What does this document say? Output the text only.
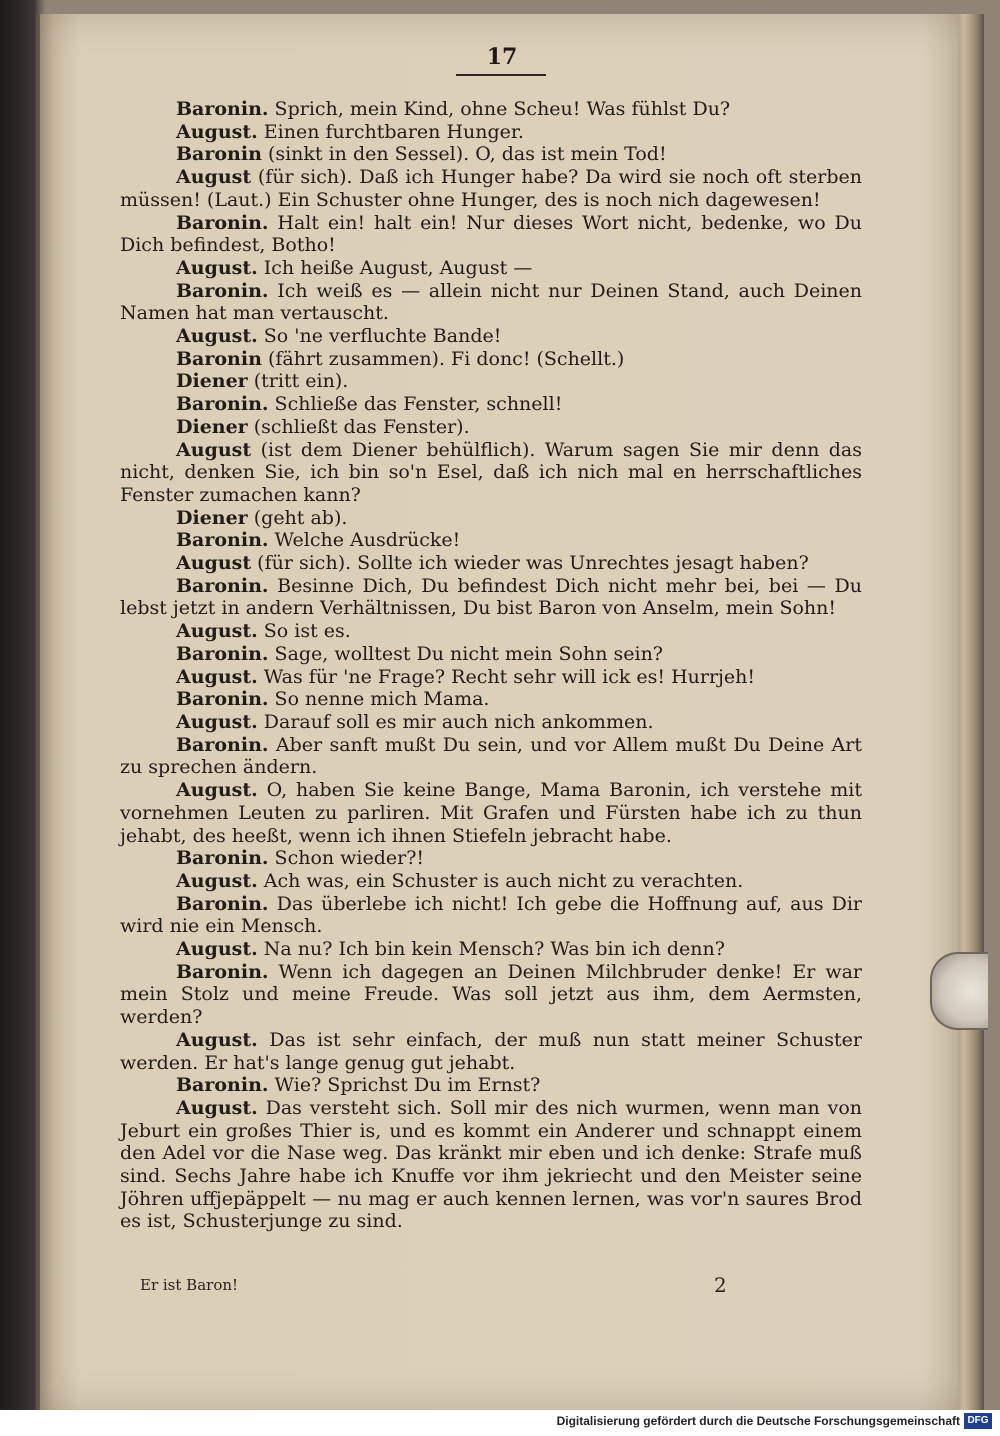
17
Baronin. Sprich, mein Kind, ohne Scheu! Was fühlst Du?
August. Einen furchtbaren Hunger.
Baronin (sinkt in den Sessel). O, das ist mein Tod!
August (für sich). Daß ich Hunger habe? Da wird sie noch oft sterben müssen! (Laut.) Ein Schuster ohne Hunger, des is noch nich dagewesen!
Baronin. Halt ein! halt ein! Nur dieses Wort nicht, bedenke, wo Du Dich befindest, Botho!
August. Ich heiße August, August —
Baronin. Ich weiß es — allein nicht nur Deinen Stand, auch Deinen Namen hat man vertauscht.
August. So 'ne verfluchte Bande!
Baronin (fährt zusammen). Fi donc! (Schellt.)
Diener (tritt ein).
Baronin. Schließe das Fenster, schnell!
Diener (schließt das Fenster).
August (ist dem Diener behülflich). Warum sagen Sie mir denn das nicht, denken Sie, ich bin so'n Esel, daß ich nich mal en herrschaftliches Fenster zumachen kann?
Diener (geht ab).
Baronin. Welche Ausdrücke!
August (für sich). Sollte ich wieder was Unrechtes jesagt haben?
Baronin. Besinne Dich, Du befindest Dich nicht mehr bei, bei — Du lebst jetzt in andern Verhältnissen, Du bist Baron von Anselm, mein Sohn!
August. So ist es.
Baronin. Sage, wolltest Du nicht mein Sohn sein?
August. Was für 'ne Frage? Recht sehr will ick es! Hurrjeh!
Baronin. So nenne mich Mama.
August. Darauf soll es mir auch nich ankommen.
Baronin. Aber sanft mußt Du sein, und vor Allem mußt Du Deine Art zu sprechen ändern.
August. O, haben Sie keine Bange, Mama Baronin, ich verstehe mit vornehmen Leuten zu parliren. Mit Grafen und Fürsten habe ich zu thun jehabt, des heeßt, wenn ich ihnen Stiefeln jebracht habe.
Baronin. Schon wieder?!
August. Ach was, ein Schuster is auch nicht zu verachten.
Baronin. Das überlebe ich nicht! Ich gebe die Hoffnung auf, aus Dir wird nie ein Mensch.
August. Na nu? Ich bin kein Mensch? Was bin ich denn?
Baronin. Wenn ich dagegen an Deinen Milchbruder denke! Er war mein Stolz und meine Freude. Was soll jetzt aus ihm, dem Aermsten, werden?
August. Das ist sehr einfach, der muß nun statt meiner Schuster werden. Er hat's lange genug gut jehabt.
Baronin. Wie? Sprichst Du im Ernst?
August. Das versteht sich. Soll mir des nich wurmen, wenn man von Jeburt ein großes Thier is, und es kommt ein Anderer und schnappt einem den Adel vor die Nase weg. Das kränkt mir eben und ich denke: Strafe muß sind. Sechs Jahre habe ich Knuffe vor ihm jekriecht und den Meister seine Jöhren uffjepäppelt — nu mag er auch kennen lernen, was vor'n saures Brod es ist, Schusterjunge zu sind.
Er ist Baron!	2
Digitalisierung gefördert durch die Deutsche Forschungsgemeinschaft DFG
